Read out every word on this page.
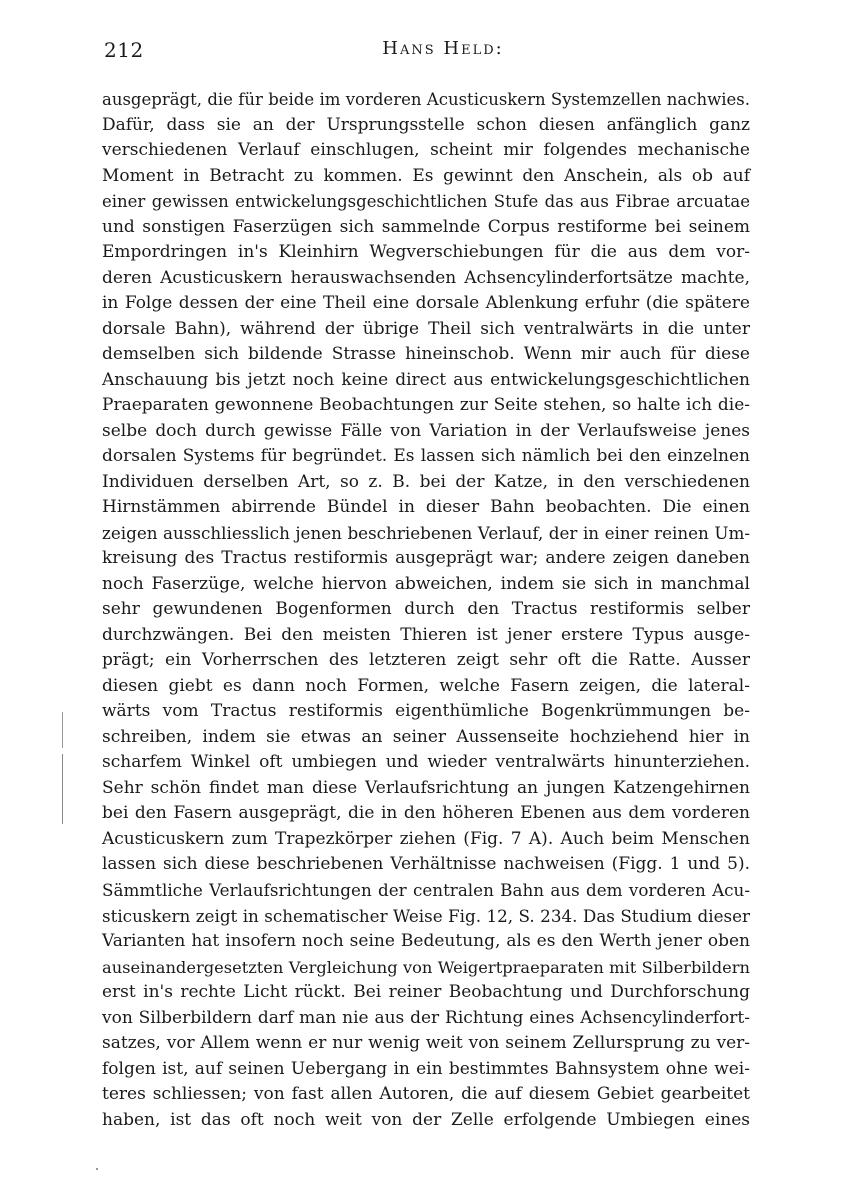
212	Hans Held:
ausgeprägt, die für beide im vorderen Acusticuskern Systemzellen nachwies.
Dafür, dass sie an der Ursprungsstelle schon diesen anfänglich ganz
verschiedenen Verlauf einschlugen, scheint mir folgendes mechanische
Moment in Betracht zu kommen. Es gewinnt den Anschein, als ob auf
einer gewissen entwickelungsgeschichtlichen Stufe das aus Fibrae arcuatae
und sonstigen Faserzügen sich sammelnde Corpus restiforme bei seinem
Empordringen in's Kleinhirn Wegverschiebungen für die aus dem vor-
deren Acusticuskern herauswachsenden Achsencylinderfortsätze machte,
in Folge dessen der eine Theil eine dorsale Ablenkung erfuhr (die spätere
dorsale Bahn), während der übrige Theil sich ventralwärts in die unter
demselben sich bildende Strasse hineinschob. Wenn mir auch für diese
Anschauung bis jetzt noch keine direct aus entwickelungsgeschichtlichen
Praeparaten gewonnene Beobachtungen zur Seite stehen, so halte ich die-
selbe doch durch gewisse Fälle von Variation in der Verlaufsweise jenes
dorsalen Systems für begründet. Es lassen sich nämlich bei den einzelnen
Individuen derselben Art, so z. B. bei der Katze, in den verschiedenen
Hirnstämmen abirrende Bündel in dieser Bahn beobachten. Die einen
zeigen ausschliesslich jenen beschriebenen Verlauf, der in einer reinen Um-
kreisung des Tractus restiformis ausgeprägt war; andere zeigen daneben
noch Faserzüge, welche hiervon abweichen, indem sie sich in manchmal
sehr gewundenen Bogenformen durch den Tractus restiformis selber
durchzwängen. Bei den meisten Thieren ist jener erstere Typus ausge-
prägt; ein Vorherrschen des letzteren zeigt sehr oft die Ratte. Ausser
diesen giebt es dann noch Formen, welche Fasern zeigen, die lateral-
wärts vom Tractus restiformis eigenthümliche Bogenkrümmungen be-
schreiben, indem sie etwas an seiner Aussenseite hochziehend hier in
scharfem Winkel oft umbiegen und wieder ventralwärts hinunterziehen.
Sehr schön findet man diese Verlaufsrichtung an jungen Katzengehirnen
bei den Fasern ausgeprägt, die in den höheren Ebenen aus dem vorderen
Acusticuskern zum Trapezkörper ziehen (Fig. 7 A). Auch beim Menschen
lassen sich diese beschriebenen Verhältnisse nachweisen (Figg. 1 und 5).
Sämmtliche Verlaufsrichtungen der centralen Bahn aus dem vorderen Acu-
sticuskern zeigt in schematischer Weise Fig. 12, S. 234. Das Studium dieser
Varianten hat insofern noch seine Bedeutung, als es den Werth jener oben
auseinandergesetzten Vergleichung von Weigertpraeparaten mit Silberbildern
erst in's rechte Licht rückt. Bei reiner Beobachtung und Durchforschung
von Silberbildern darf man nie aus der Richtung eines Achsencylinderfort-
satzes, vor Allem wenn er nur wenig weit von seinem Zellursprung zu ver-
folgen ist, auf seinen Uebergang in ein bestimmtes Bahnsystem ohne wei-
teres schliessen; von fast allen Autoren, die auf diesem Gebiet gearbeitet
haben, ist das oft noch weit von der Zelle erfolgende Umbiegen eines
